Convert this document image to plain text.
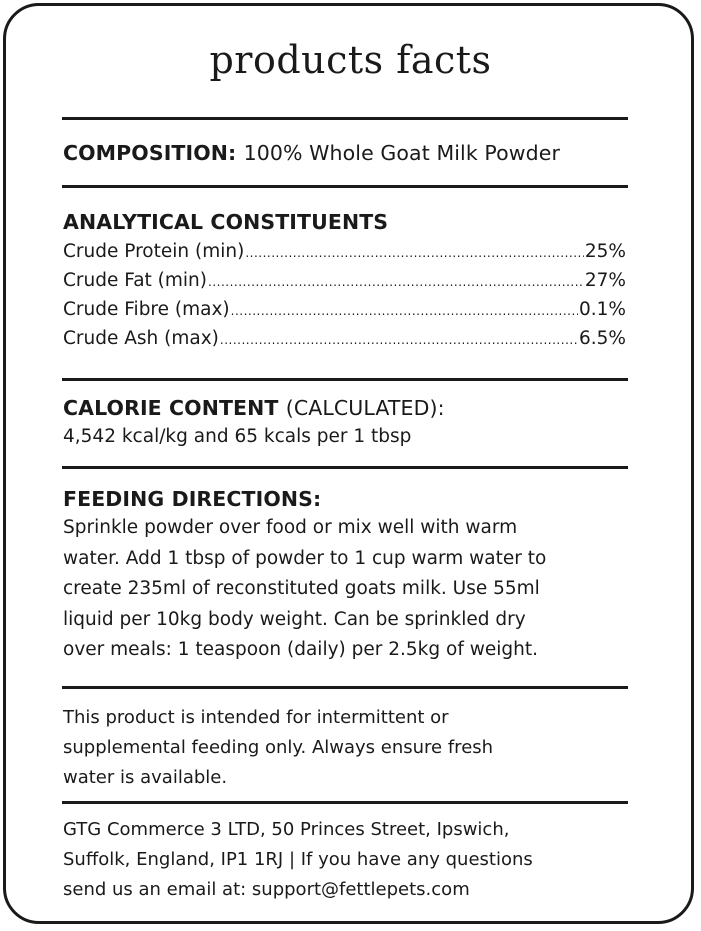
products facts
COMPOSITION: 100% Whole Goat Milk Powder
ANALYTICAL CONSTITUENTS
Crude Protein (min) .....	25%
Crude Fat (min) .....	27%
Crude Fibre (max) .....	0.1%
Crude Ash (max) .....	6.5%
CALORIE CONTENT (CALCULATED):
4,542 kcal/kg and 65 kcals per 1 tbsp
FEEDING DIRECTIONS:
Sprinkle powder over food or mix well with warm
water. Add 1 tbsp of powder to 1 cup warm water to
create 235ml of reconstituted goats milk. Use 55ml
liquid per 10kg body weight. Can be sprinkled dry
over meals: 1 teaspoon (daily) per 2.5kg of weight.
This product is intended for intermittent or
supplemental feeding only. Always ensure fresh
water is available.
GTG Commerce 3 LTD, 50 Princes Street, Ipswich,
Suffolk, England, IP1 1RJ | If you have any questions
send us an email at: support@fettlepets.com
